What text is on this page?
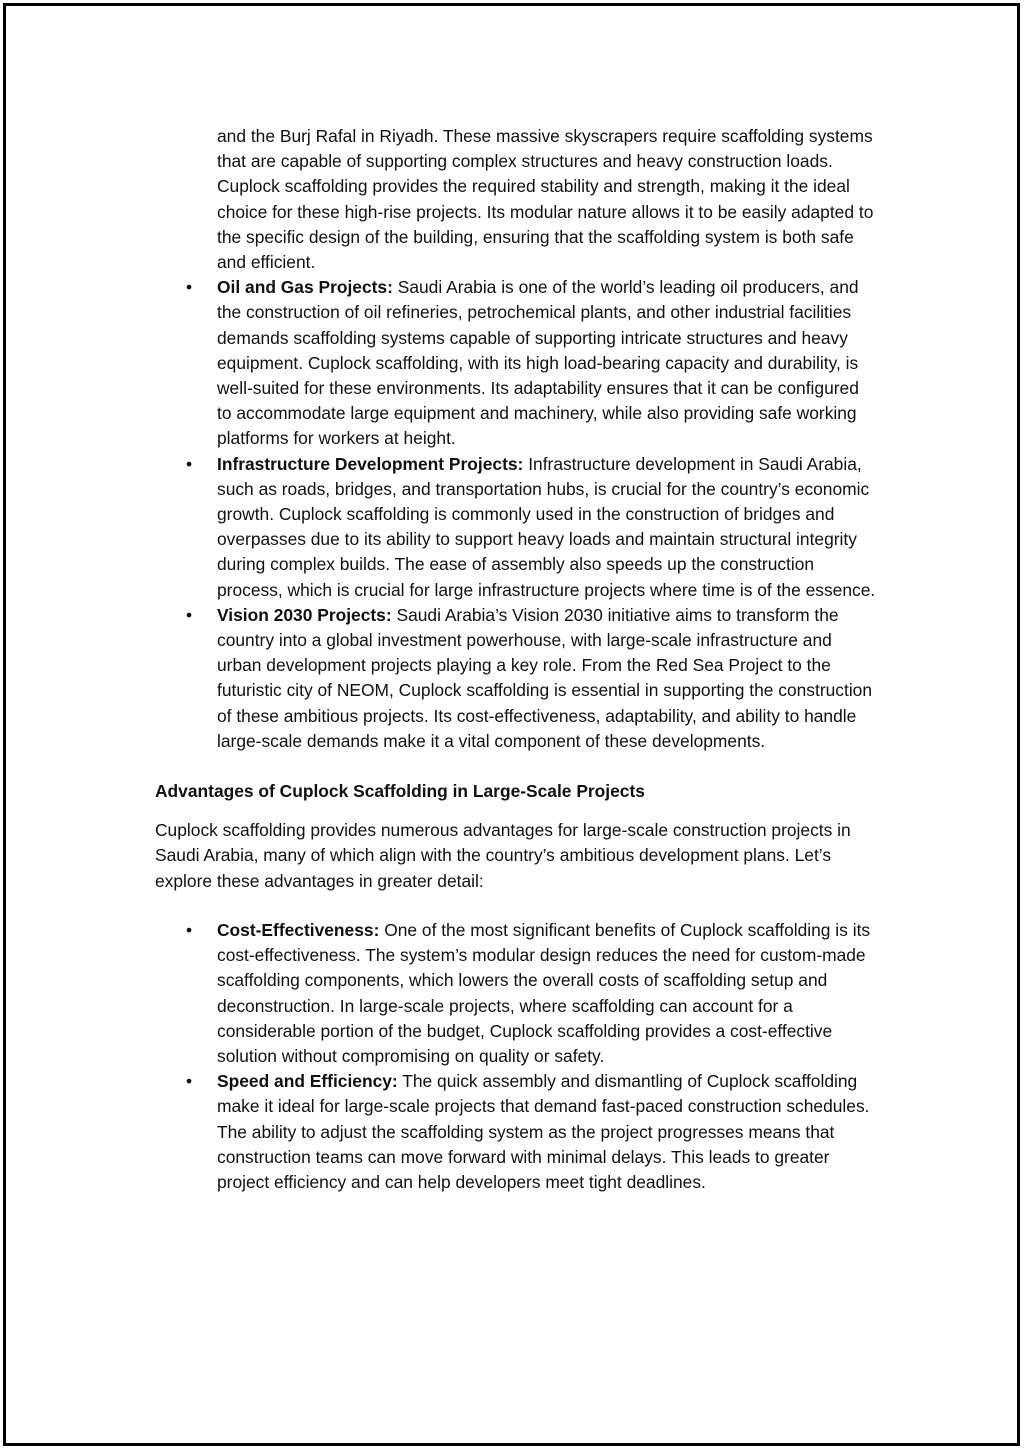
and the Burj Rafal in Riyadh. These massive skyscrapers require scaffolding systems that are capable of supporting complex structures and heavy construction loads. Cuplock scaffolding provides the required stability and strength, making it the ideal choice for these high-rise projects. Its modular nature allows it to be easily adapted to the specific design of the building, ensuring that the scaffolding system is both safe and efficient.
• Oil and Gas Projects: Saudi Arabia is one of the world’s leading oil producers, and the construction of oil refineries, petrochemical plants, and other industrial facilities demands scaffolding systems capable of supporting intricate structures and heavy equipment. Cuplock scaffolding, with its high load-bearing capacity and durability, is well-suited for these environments. Its adaptability ensures that it can be configured to accommodate large equipment and machinery, while also providing safe working platforms for workers at height.
• Infrastructure Development Projects: Infrastructure development in Saudi Arabia, such as roads, bridges, and transportation hubs, is crucial for the country’s economic growth. Cuplock scaffolding is commonly used in the construction of bridges and overpasses due to its ability to support heavy loads and maintain structural integrity during complex builds. The ease of assembly also speeds up the construction process, which is crucial for large infrastructure projects where time is of the essence.
• Vision 2030 Projects: Saudi Arabia’s Vision 2030 initiative aims to transform the country into a global investment powerhouse, with large-scale infrastructure and urban development projects playing a key role. From the Red Sea Project to the futuristic city of NEOM, Cuplock scaffolding is essential in supporting the construction of these ambitious projects. Its cost-effectiveness, adaptability, and ability to handle large-scale demands make it a vital component of these developments.
Advantages of Cuplock Scaffolding in Large-Scale Projects

Cuplock scaffolding provides numerous advantages for large-scale construction projects in Saudi Arabia, many of which align with the country’s ambitious development plans. Let’s explore these advantages in greater detail:

• Cost-Effectiveness: One of the most significant benefits of Cuplock scaffolding is its cost-effectiveness. The system’s modular design reduces the need for custom-made scaffolding components, which lowers the overall costs of scaffolding setup and deconstruction. In large-scale projects, where scaffolding can account for a considerable portion of the budget, Cuplock scaffolding provides a cost-effective solution without compromising on quality or safety.
• Speed and Efficiency: The quick assembly and dismantling of Cuplock scaffolding make it ideal for large-scale projects that demand fast-paced construction schedules. The ability to adjust the scaffolding system as the project progresses means that construction teams can move forward with minimal delays. This leads to greater project efficiency and can help developers meet tight deadlines.
